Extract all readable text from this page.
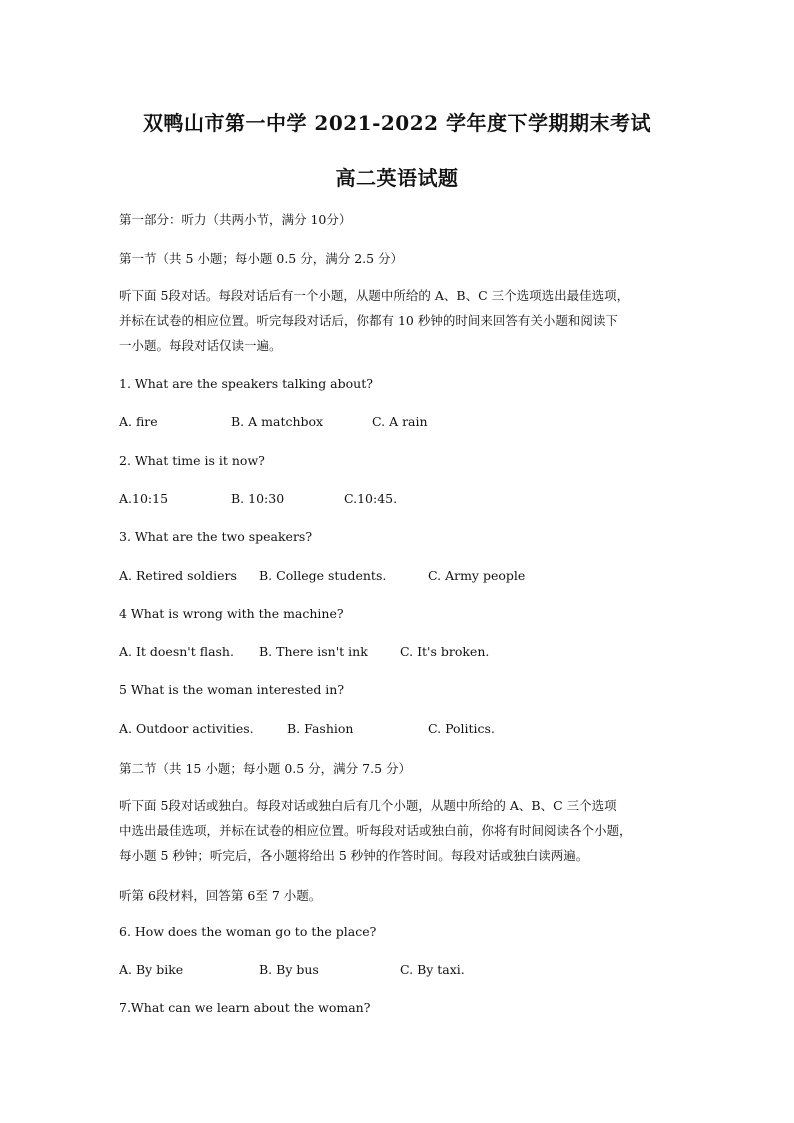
双鸭山市第一中学 2021-2022 学年度下学期期末考试
高二英语试题
第一部分：听力（共两小节，满分 10分）
第一节（共 5 小题；每小题 0.5 分，满分 2.5 分）
听下面 5段对话。每段对话后有一个小题，从题中所给的 A、B、C 三个选项选出最佳选项，
并标在试卷的相应位置。听完每段对话后，你都有 10 秒钟的时间来回答有关小题和阅读下
一小题。每段对话仅读一遍。
1. What are the speakers talking about?
A. fire	B. A matchbox	C. A rain
2. What time is it now?
A.10:15	B. 10:30	C.10:45.
3. What are the two speakers?
A. Retired soldiers B. College students.	C. Army people
4 What is wrong with the machine?
A. It doesn't flash. B. There isn't ink	C. It's broken.
5 What is the woman interested in?
A. Outdoor activities.	B. Fashion	C. Politics.
第二节（共 15 小题；每小题 0.5 分，满分 7.5 分）
听下面 5段对话或独白。每段对话或独白后有几个小题，从题中所给的 A、B、C 三个选项
中选出最佳选项，并标在试卷的相应位置。听每段对话或独白前，你将有时间阅读各个小题，
每小题 5 秒钟；听完后，各小题将给出 5 秒钟的作答时间。每段对话或独白读两遍。
听第 6段材料，回答第 6至 7 小题。
6. How does the woman go to the place?
A. By bike	B. By bus	C. By taxi.
7.What can we learn about the woman?
